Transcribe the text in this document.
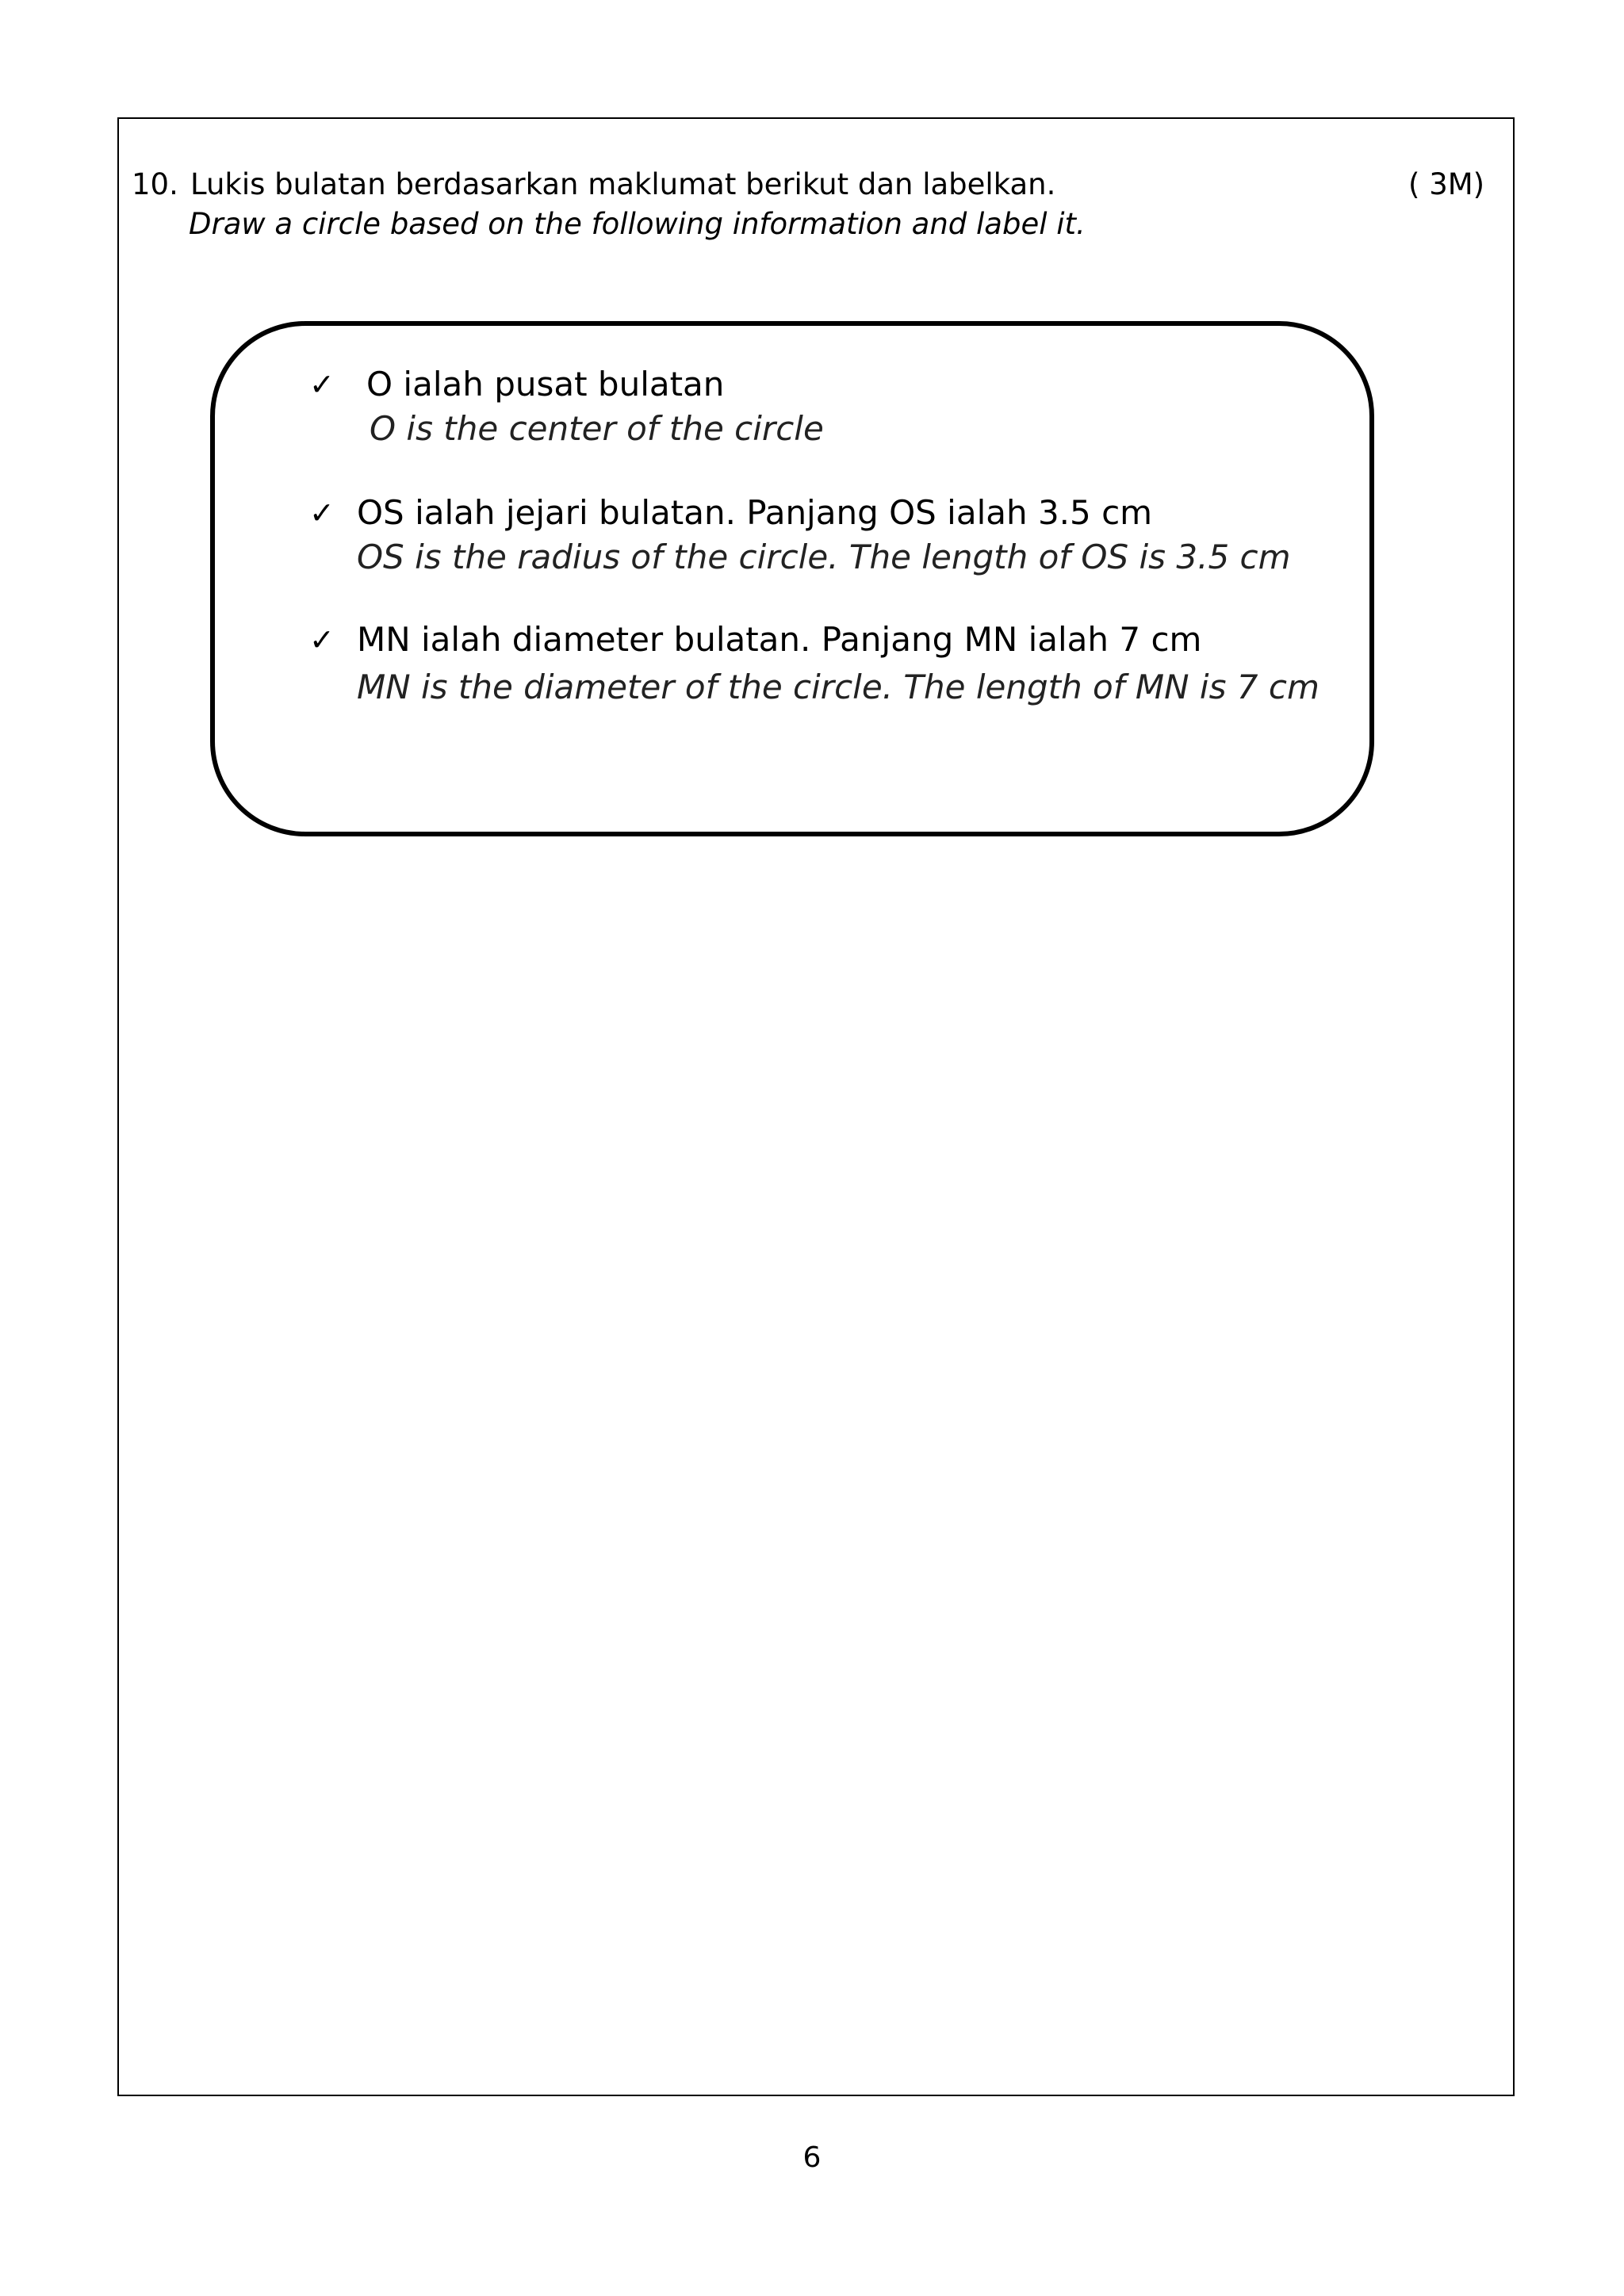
10. Lukis bulatan berdasarkan maklumat berikut dan labelkan.
Draw a circle based on the following information and label it.
( 3M)
✓ O ialah pusat bulatan
O is the center of the circle
✓ OS ialah jejari bulatan. Panjang OS ialah 3.5 cm
OS is the radius of the circle. The length of OS is 3.5 cm
✓ MN ialah diameter bulatan. Panjang MN ialah 7 cm
MN is the diameter of the circle. The length of MN is 7 cm
6
